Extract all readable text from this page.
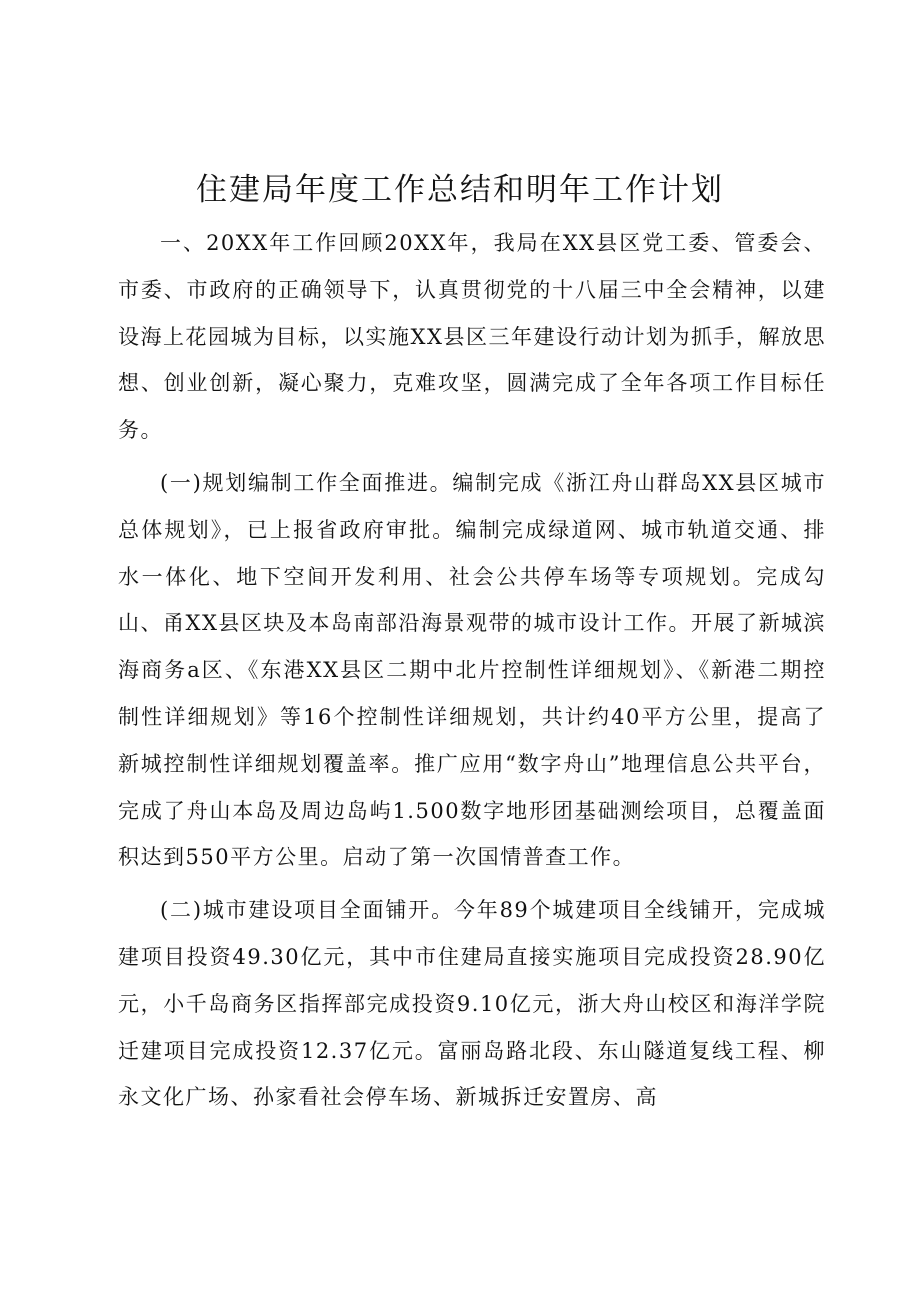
住建局年度工作总结和明年工作计划

一、20XX年工作回顾20XX年，我局在XX县区党工委、管委会、市委、市政府的正确领导下，认真贯彻党的十八届三中全会精神，以建设海上花园城为目标，以实施XX县区三年建设行动计划为抓手，解放思想、创业创新，凝心聚力，克难攻坚，圆满完成了全年各项工作目标任务。

(一)规划编制工作全面推进。编制完成《浙江舟山群岛XX县区城市总体规划》，已上报省政府审批。编制完成绿道网、城市轨道交通、排水一体化、地下空间开发利用、社会公共停车场等专项规划。完成勾山、甬XX县区块及本岛南部沿海景观带的城市设计工作。开展了新城滨海商务a区、《东港XX县区二期中北片控制性详细规划》、《新港二期控制性详细规划》等16个控制性详细规划，共计约40平方公里，提高了新城控制性详细规划覆盖率。推广应用“数字舟山”地理信息公共平台，完成了舟山本岛及周边岛屿1.500数字地形团基础测绘项目，总覆盖面积达到550平方公里。启动了第一次国情普查工作。

(二)城市建设项目全面铺开。今年89个城建项目全线铺开，完成城建项目投资49.30亿元，其中市住建局直接实施项目完成投资28.90亿元，小千岛商务区指挥部完成投资9.10亿元，浙大舟山校区和海洋学院迁建项目完成投资12.37亿元。富丽岛路北段、东山隧道复线工程、柳永文化广场、孙家看社会停车场、新城拆迁安置房、高
